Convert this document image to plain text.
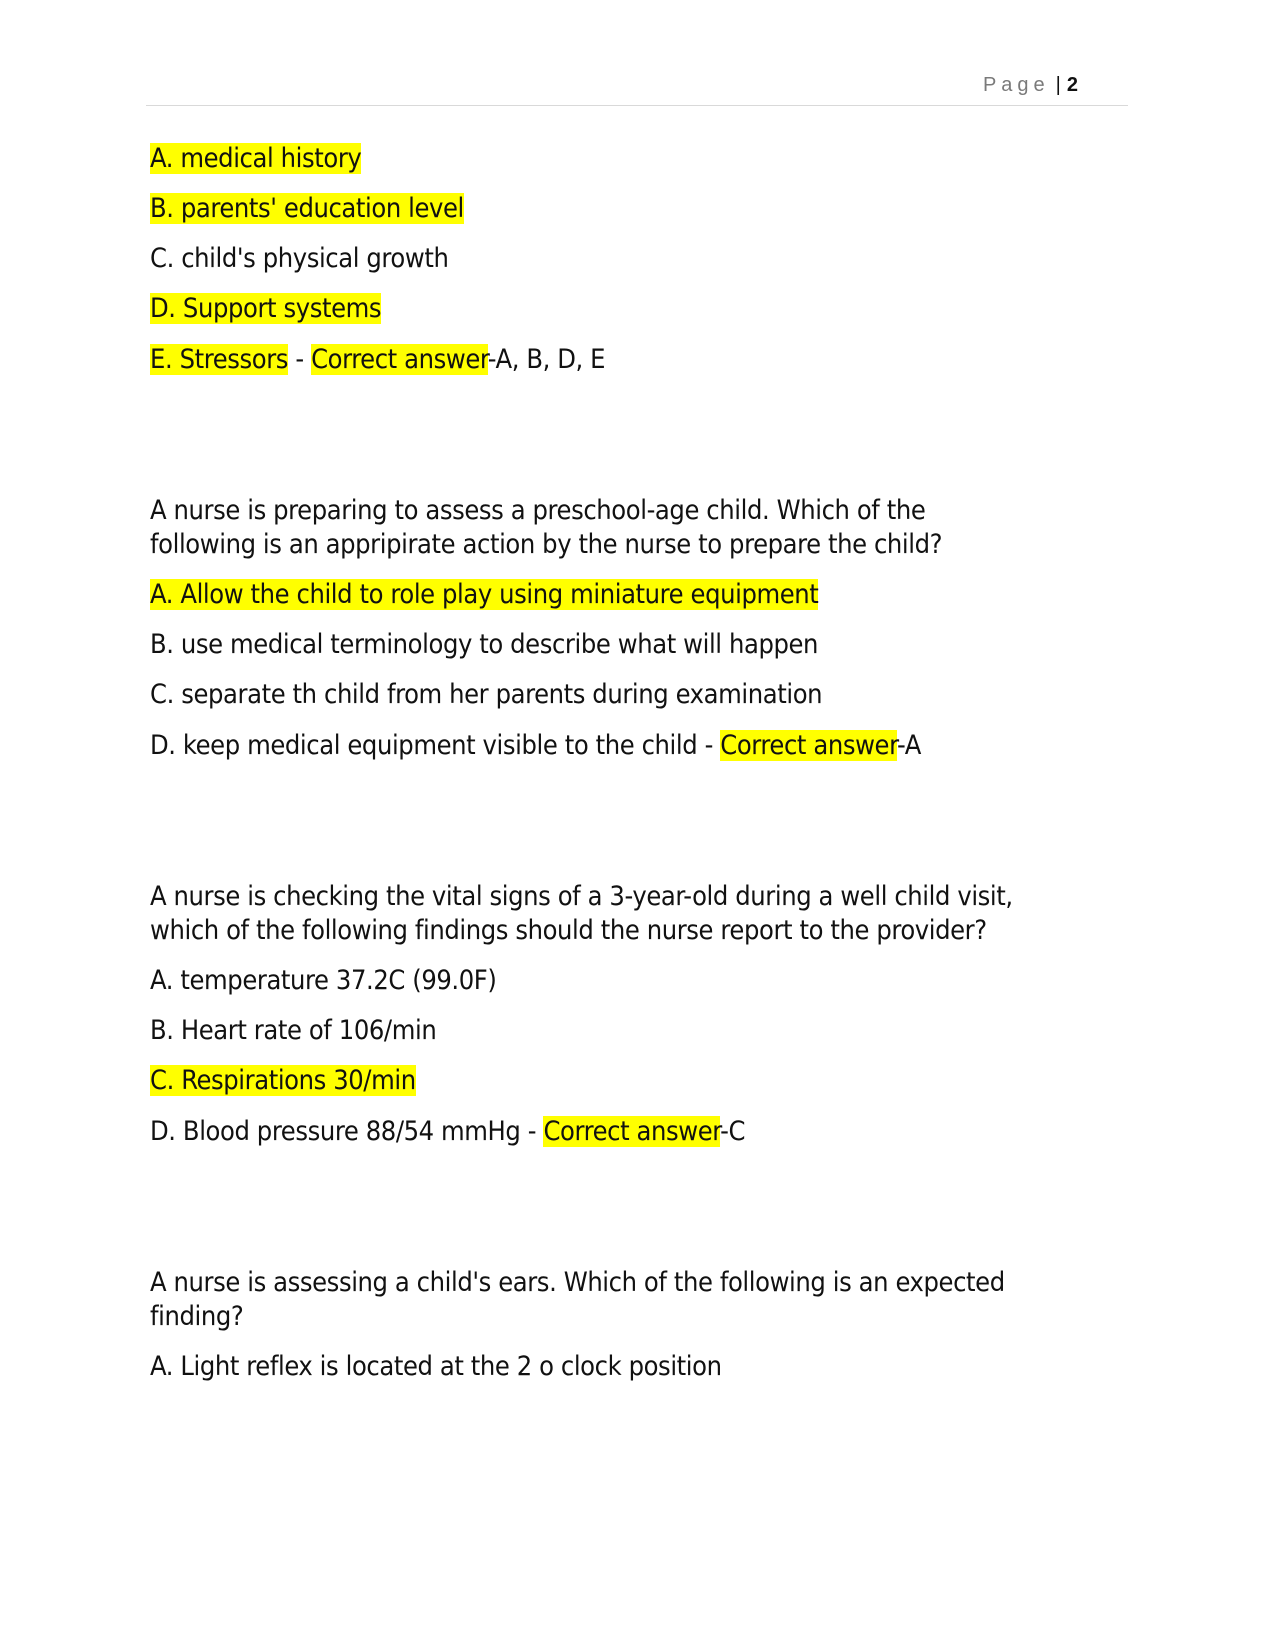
Page | 2
A. medical history
B. parents' education level
C. child's physical growth
D. Support systems
E. Stressors - Correct answer-A, B, D, E
A nurse is preparing to assess a preschool-age child. Which of the
following is an appripirate action by the nurse to prepare the child?
A. Allow the child to role play using miniature equipment
B. use medical terminology to describe what will happen
C. separate th child from her parents during examination
D. keep medical equipment visible to the child - Correct answer-A
A nurse is checking the vital signs of a 3-year-old during a well child visit,
which of the following findings should the nurse report to the provider?
A. temperature 37.2C (99.0F)
B. Heart rate of 106/min
C. Respirations 30/min
D. Blood pressure 88/54 mmHg - Correct answer-C
A nurse is assessing a child's ears. Which of the following is an expected
finding?
A. Light reflex is located at the 2 o clock position
